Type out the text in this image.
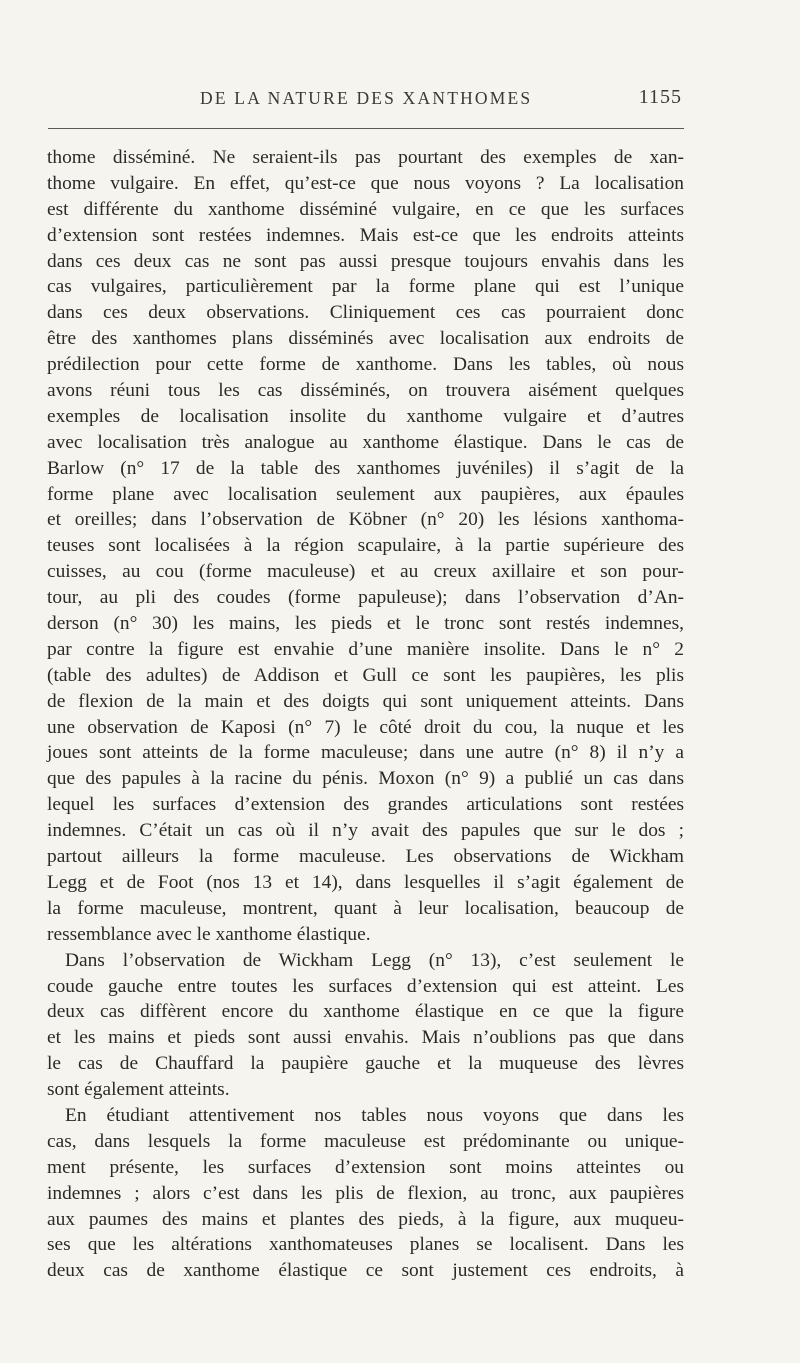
DE LA NATURE DES XANTHOMES	1155
thome disséminé. Ne seraient-ils pas pourtant des exemples de xan-
thome vulgaire. En effet, qu’est-ce que nous voyons ? La localisation
est différente du xanthome disséminé vulgaire, en ce que les surfaces
d’extension sont restées indemnes. Mais est-ce que les endroits atteints
dans ces deux cas ne sont pas aussi presque toujours envahis dans les
cas vulgaires, particulièrement par la forme plane qui est l’unique
dans ces deux observations. Cliniquement ces cas pourraient donc
être des xanthomes plans disséminés avec localisation aux endroits de
prédilection pour cette forme de xanthome. Dans les tables, où nous
avons réuni tous les cas disséminés, on trouvera aisément quelques
exemples de localisation insolite du xanthome vulgaire et d’autres
avec localisation très analogue au xanthome élastique. Dans le cas de
Barlow (n° 17 de la table des xanthomes juvéniles) il s’agit de la
forme plane avec localisation seulement aux paupières, aux épaules
et oreilles; dans l’observation de Köbner (n° 20) les lésions xanthoma-
teuses sont localisées à la région scapulaire, à la partie supérieure des
cuisses, au cou (forme maculeuse) et au creux axillaire et son pour-
tour, au pli des coudes (forme papuleuse); dans l’observation d’An-
derson (n° 30) les mains, les pieds et le tronc sont restés indemnes,
par contre la figure est envahie d’une manière insolite. Dans le n° 2
(table des adultes) de Addison et Gull ce sont les paupières, les plis
de flexion de la main et des doigts qui sont uniquement atteints. Dans
une observation de Kaposi (n° 7) le côté droit du cou, la nuque et les
joues sont atteints de la forme maculeuse; dans une autre (n° 8) il n’y a
que des papules à la racine du pénis. Moxon (n° 9) a publié un cas dans
lequel les surfaces d’extension des grandes articulations sont restées
indemnes. C’était un cas où il n’y avait des papules que sur le dos ;
partout ailleurs la forme maculeuse. Les observations de Wickham
Legg et de Foot (nos 13 et 14), dans lesquelles il s’agit également de
la forme maculeuse, montrent, quant à leur localisation, beaucoup de
ressemblance avec le xanthome élastique.
Dans l’observation de Wickham Legg (n° 13), c’est seulement le
coude gauche entre toutes les surfaces d’extension qui est atteint. Les
deux cas diffèrent encore du xanthome élastique en ce que la figure
et les mains et pieds sont aussi envahis. Mais n’oublions pas que dans
le cas de Chauffard la paupière gauche et la muqueuse des lèvres
sont également atteints.
En étudiant attentivement nos tables nous voyons que dans les
cas, dans lesquels la forme maculeuse est prédominante ou unique-
ment présente, les surfaces d’extension sont moins atteintes ou
indemnes ; alors c’est dans les plis de flexion, au tronc, aux paupières
aux paumes des mains et plantes des pieds, à la figure, aux muqueu-
ses que les altérations xanthomateuses planes se localisent. Dans les
deux cas de xanthome élastique ce sont justement ces endroits, à
